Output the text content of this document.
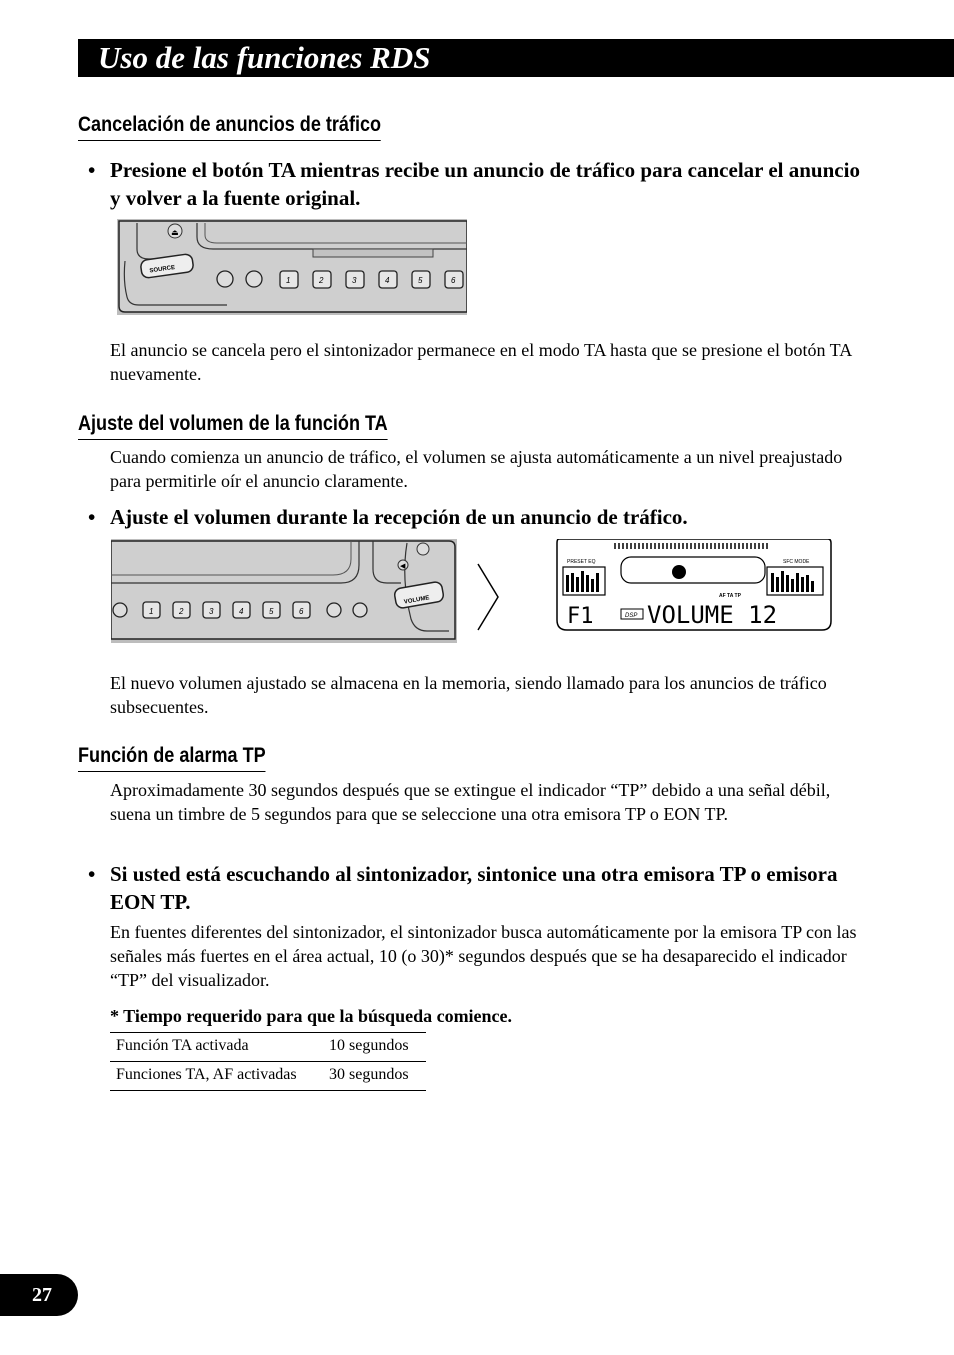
Uso de las funciones RDS
Cancelación de anuncios de tráfico
• Presione el botón TA mientras recibe un anuncio de tráfico para cancelar el anuncio y volver a la fuente original.
⏏
SOURCE
1	2	3	4	5	6
El anuncio se cancela pero el sintonizador permanece en el modo TA hasta que se presione el botón TA nuevamente.
Ajuste del volumen de la función TA
Cuando comienza un anuncio de tráfico, el volumen se ajusta automáticamente a un nivel preajustado para permitirle oír el anuncio claramente.
• Ajuste el volumen durante la recepción de un anuncio de tráfico.
◀
VOLUME
1	2	3	4	5	6
PRESET EQ	SFC MODE
AF TA TP
F1	DSP VOLUME 12
El nuevo volumen ajustado se almacena en la memoria, siendo llamado para los anuncios de tráfico subsecuentes.
Función de alarma TP
Aproximadamente 30 segundos después que se extingue el indicador “TP” debido a una señal débil, suena un timbre de 5 segundos para que se seleccione una otra emisora TP o EON TP.
• Si usted está escuchando al sintonizador, sintonice una otra emisora TP o emisora EON TP.
En fuentes diferentes del sintonizador, el sintonizador busca automáticamente por la emisora TP con las señales más fuertes en el área actual, 10 (o 30)* segundos después que se ha desaparecido el indicador “TP” del visualizador.
* Tiempo requerido para que la búsqueda comience.
Función TA activada	10 segundos
Funciones TA, AF activadas	30 segundos
27
